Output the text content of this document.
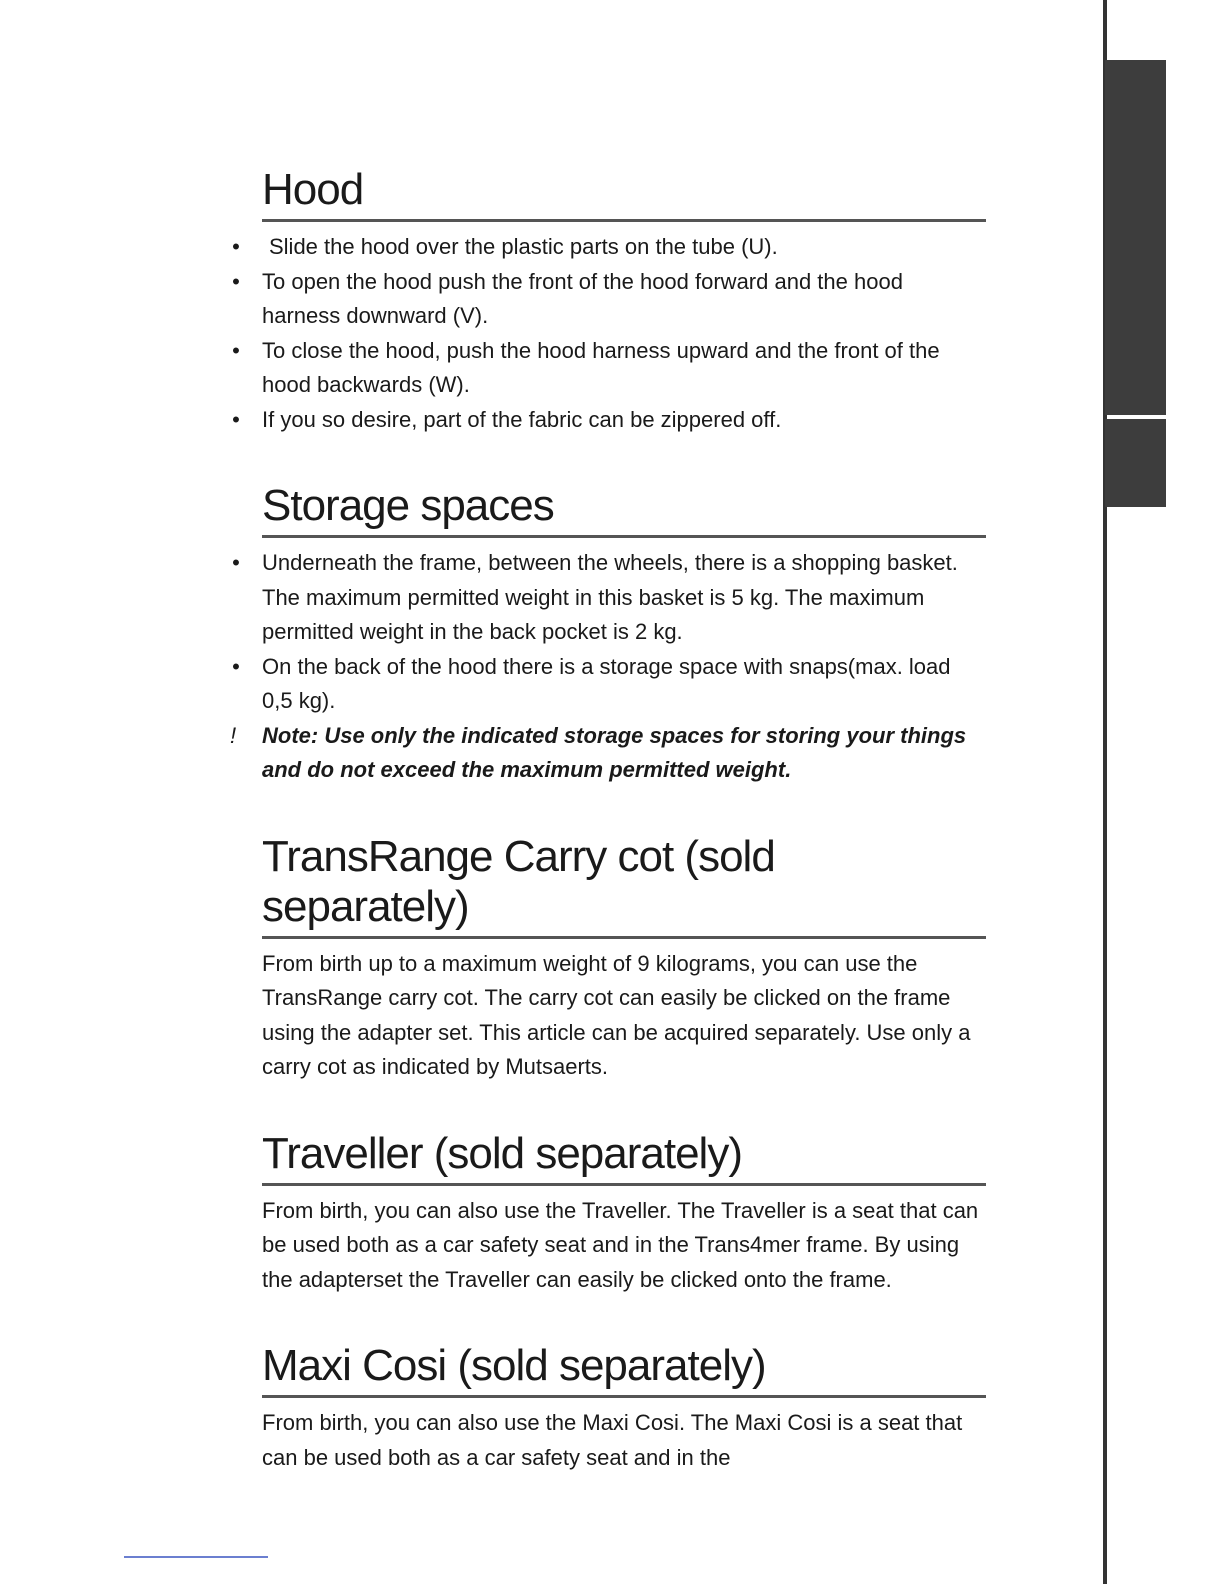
Hood
• Slide the hood over the plastic parts on the tube (U).
• To open the hood push the front of the hood forward and the hood harness downward (V).
• To close the hood, push the hood harness upward and the front of the hood backwards (W).
• If you so desire, part of the fabric can be zippered off.
Storage spaces
• Underneath the frame, between the wheels, there is a shopping basket. The maximum permitted weight in this basket is 5 kg. The maximum permitted weight in the back pocket is 2 kg.
• On the back of the hood there is a storage space with snaps(max. load 0,5 kg).
! Note: Use only the indicated storage spaces for storing your things and do not exceed the maximum permitted weight.
TransRange Carry cot (sold separately)

From birth up to a maximum weight of 9 kilograms, you can use the TransRange carry cot. The carry cot can easily be clicked on the frame using the adapter set. This article can be acquired separately. Use only a carry cot as indicated by Mutsaerts.

Traveller (sold separately)

From birth, you can also use the Traveller. The Traveller is a seat that can be used both as a car safety seat and in the Trans4mer frame. By using the adapterset the Traveller can easily be clicked onto the frame.

Maxi Cosi (sold separately)

From birth, you can also use the Maxi Cosi. The Maxi Cosi is a seat that can be used both as a car safety seat and in the
